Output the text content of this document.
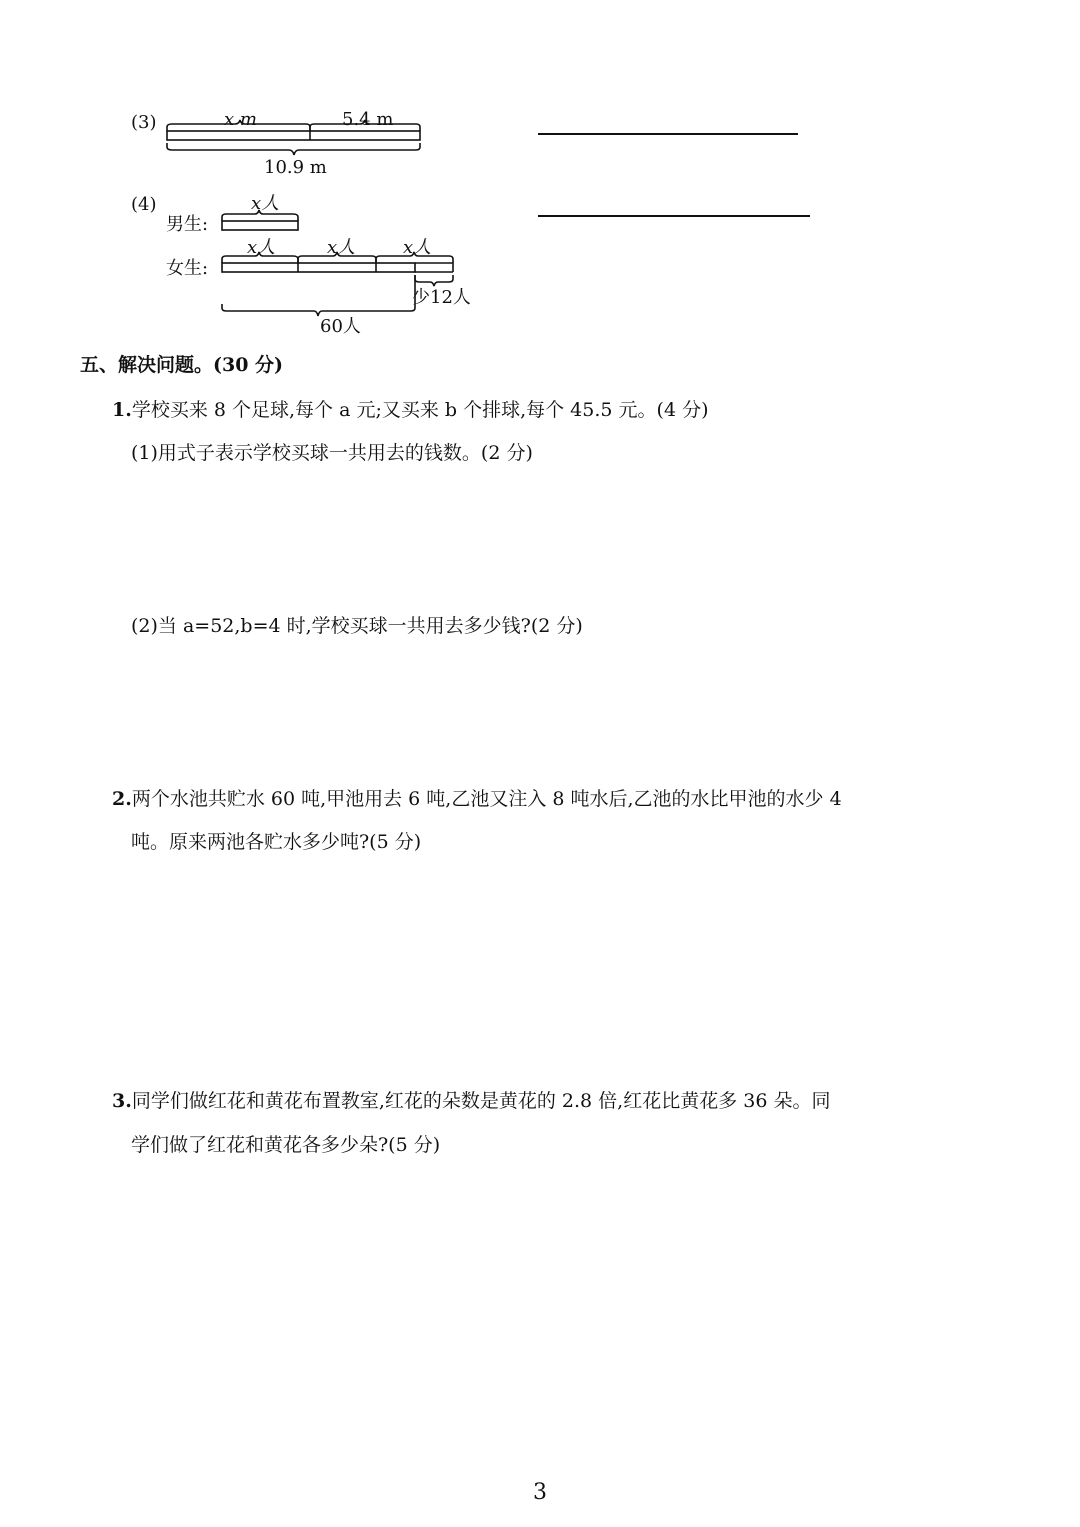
(3)	x m	5.4 m
10.9 m
(4)
男生:
x人
女生:
x人	x人	x人
少12人
60人
五、解决问题。(30 分)
1.学校买来 8 个足球,每个 a 元;又买来 b 个排球,每个 45.5 元。(4 分)
(1)用式子表示学校买球一共用去的钱数。(2 分)
(2)当 a=52,b=4 时,学校买球一共用去多少钱?(2 分)
2.两个水池共贮水 60 吨,甲池用去 6 吨,乙池又注入 8 吨水后,乙池的水比甲池的水少 4
吨。原来两池各贮水多少吨?(5 分)
3.同学们做红花和黄花布置教室,红花的朵数是黄花的 2.8 倍,红花比黄花多 36 朵。同
学们做了红花和黄花各多少朵?(5 分)
3
